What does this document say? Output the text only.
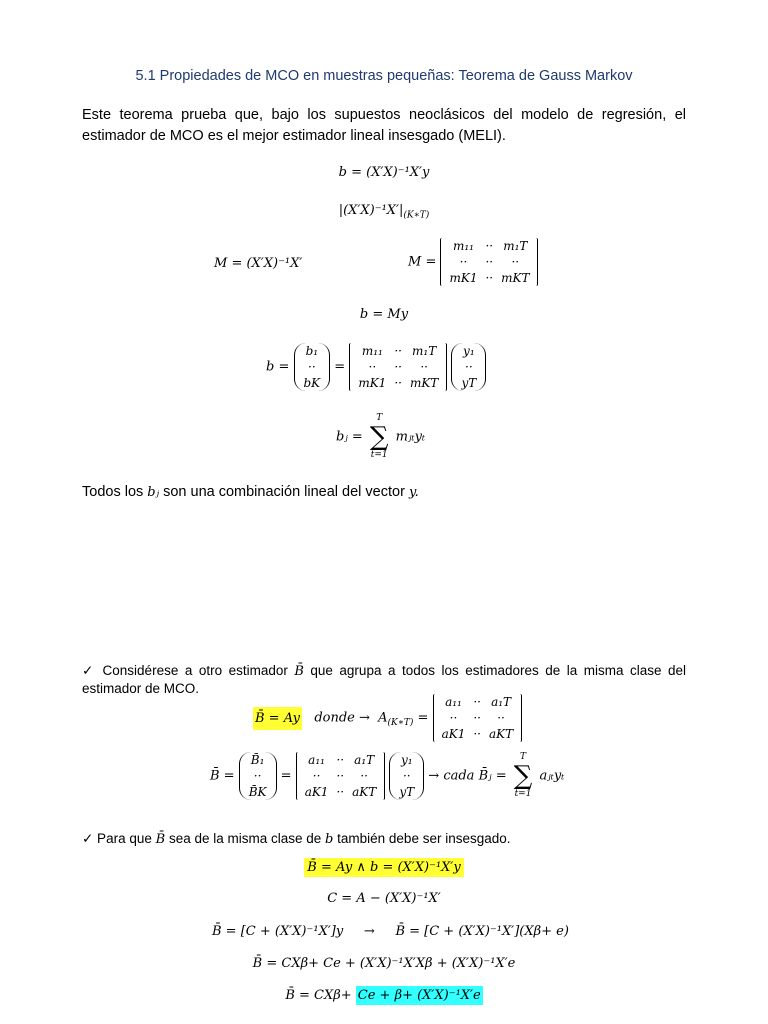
5.1 Propiedades de MCO en muestras pequeñas: Teorema de Gauss Markov
Este teorema prueba que, bajo los supuestos neoclásicos del modelo de regresión, el estimador de MCO es el mejor estimador lineal insesgado (MELI).
b = (X′X)⁻¹X′y
$|(X'X)^{-1}X'|_{(K∗T)}$
M = (X′X)⁻¹X′	M =
m₁₁	··	m₁T
··	··	··
mK1	··	mKT
b = My
b =
b₁
··
bK
=
m₁₁	··	m₁T
··	··	··
mK1	··	mKT

y₁
··
yT
bⱼ =
T
∑
t=1
mⱼₜyₜ
Todos los bⱼ son una combinación lineal del vector y.
✓ Considérese a otro estimador B̄ que agrupa a todos los estimadores de la misma clase del estimador de MCO.
B̄ = Ay donde → $A_{(K∗T)}$ =
a₁₁	··	a₁T
··	··	··
aK1	··	aKT
B̄ =
B̄₁
··
B̄K
=
a₁₁	··	a₁T
··	··	··
aK1	··	aKT

y₁
··
yT
→ cada B̄ⱼ =
T
∑
t=1
aⱼₜyₜ
✓ Para que B̄ sea de la misma clase de b también debe ser insesgado.
B̄ = Ay ∧ b = (X′X)⁻¹X′y
C = A − (X′X)⁻¹X′
B̄ = [C + (X′X)⁻¹X′]y → B̄ = [C + (X′X)⁻¹X′](Xβ+ e)
B̄ = CXβ+ Ce + (X′X)⁻¹X′Xβ + (X′X)⁻¹X′e
B̄ = CXβ+ Ce + β+ (X′X)⁻¹X′e
